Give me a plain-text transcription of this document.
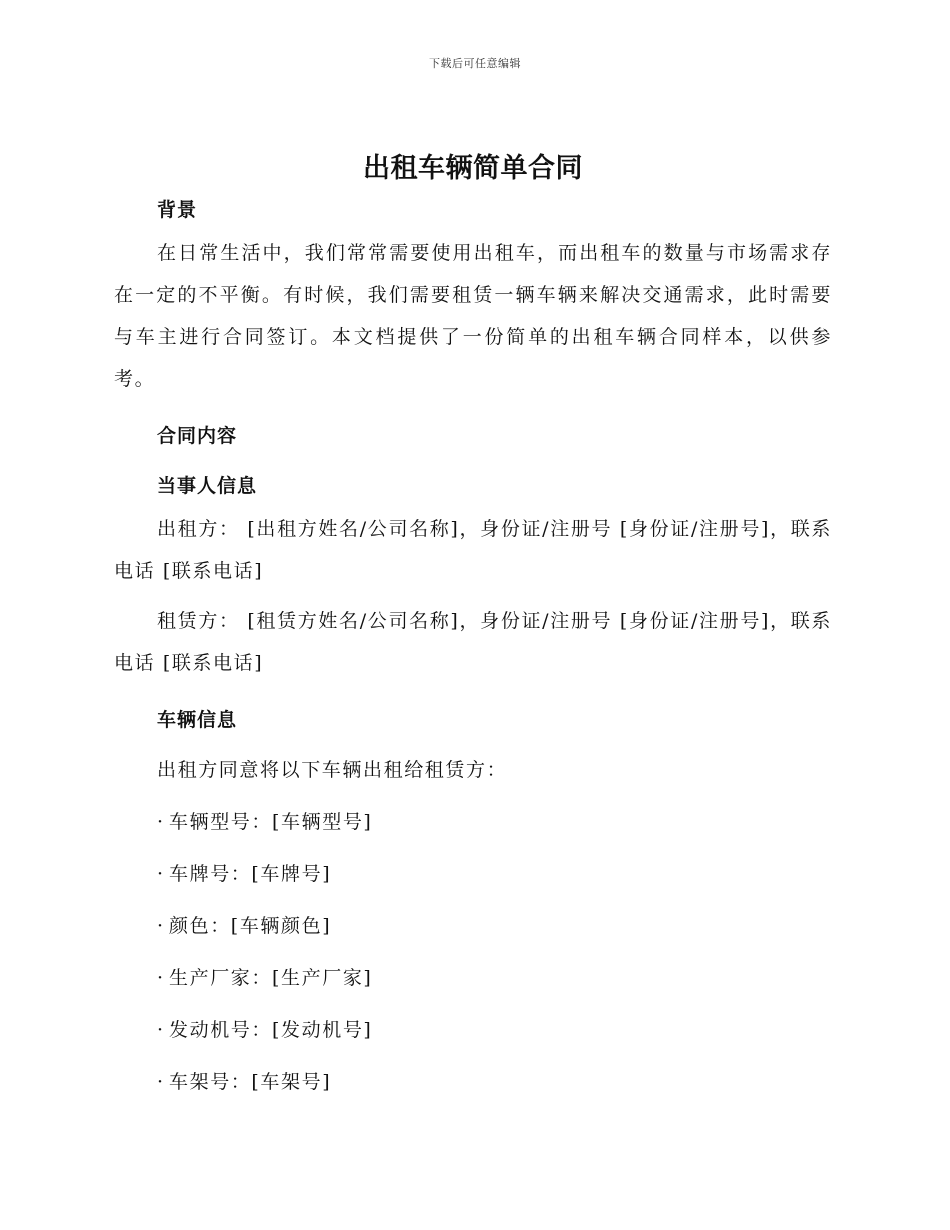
下载后可任意编辑
出租车辆简单合同
背景

在日常生活中，我们常常需要使用出租车，而出租车的数量与市场需求存在一定的不平衡。有时候，我们需要租赁一辆车辆来解决交通需求，此时需要与车主进行合同签订。本文档提供了一份简单的出租车辆合同样本，以供参考。

合同内容
当事人信息

出租方： [出租方姓名/公司名称]，身份证/注册号 [身份证/注册号]，联系电话 [联系电话]

租赁方： [租赁方姓名/公司名称]，身份证/注册号 [身份证/注册号]，联系电话 [联系电话]

车辆信息
出租方同意将以下车辆出租给租赁方：
· 车辆型号：[车辆型号]
· 车牌号：[车牌号]
· 颜色：[车辆颜色]
· 生产厂家：[生产厂家]
· 发动机号：[发动机号]
· 车架号：[车架号]
